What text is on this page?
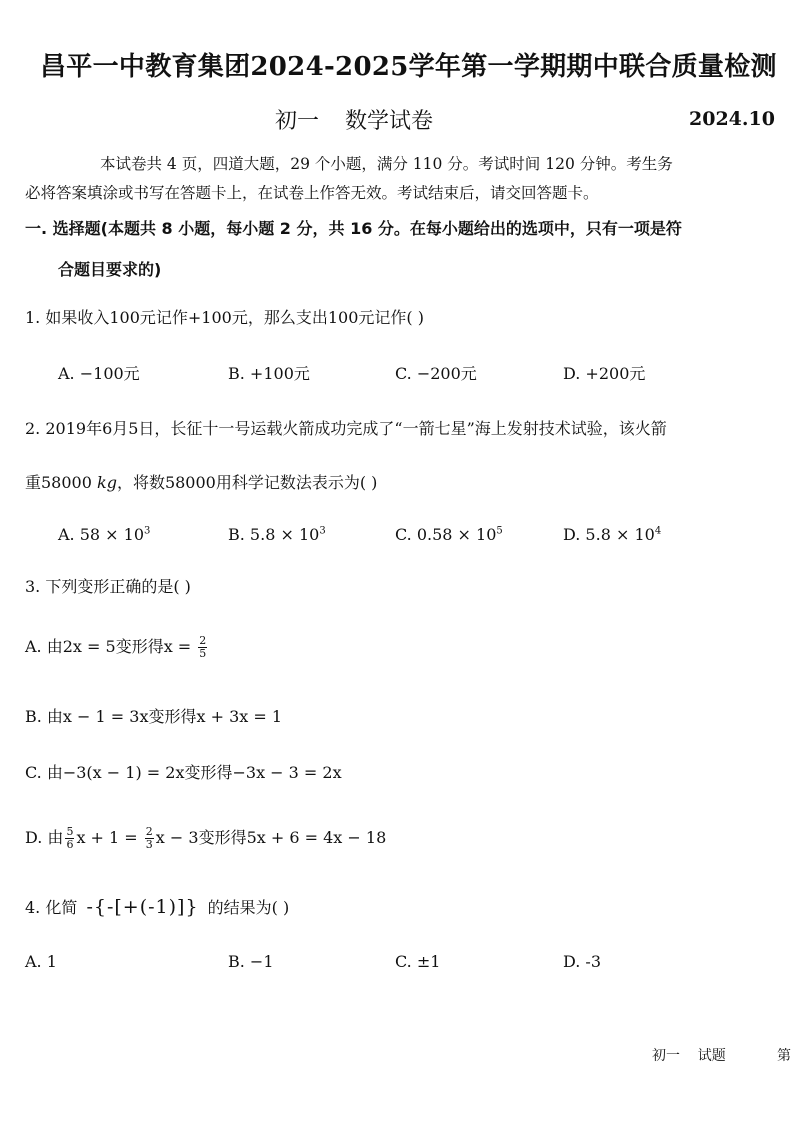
昌平一中教育集团2024-2025学年第一学期期中联合质量检测
初一 数学试卷	2024.10
本试卷共 4 页，四道大题，29 个小题，满分 110 分。考试时间 120 分钟。考生务
必将答案填涂或书写在答题卡上，在试卷上作答无效。考试结束后，请交回答题卡。
一. 选择题(本题共 8 小题，每小题 2 分，共 16 分。在每小题给出的选项中，只有一项是符
合题目要求的)
1. 如果收入100元记作+100元，那么支出100元记作( )
A. −100元	B. +100元	C. −200元	D. +200元
2. 2019年6月5日，长征十一号运载火箭成功完成了“一箭七星”海上发射技术试验，该火箭
重58000 kg，将数58000用科学记数法表示为( )
A. $58 \times 10^3$	B. $5.8 \times 10^3$	C. $0.58 \times 10^5$	D. $5.8 \times 10^4$
3. 下列变形正确的是( )
A. 由2x = 5变形得$x = \frac{2}{5}$
B. 由x − 1 = 3x变形得x + 3x = 1
C. 由−3(x − 1) = 2x变形得−3x − 3 = 2x
D. 由 $\frac{5}{6}$ $x + 1 = \frac{2}{3}$ x − 3变形得5x + 6 = 4x − 18
4. 化简 -{-[+(-1)]} 的结果为( )
A. 1	B. −1	C. ±1	D. -3
初一    试题	第
